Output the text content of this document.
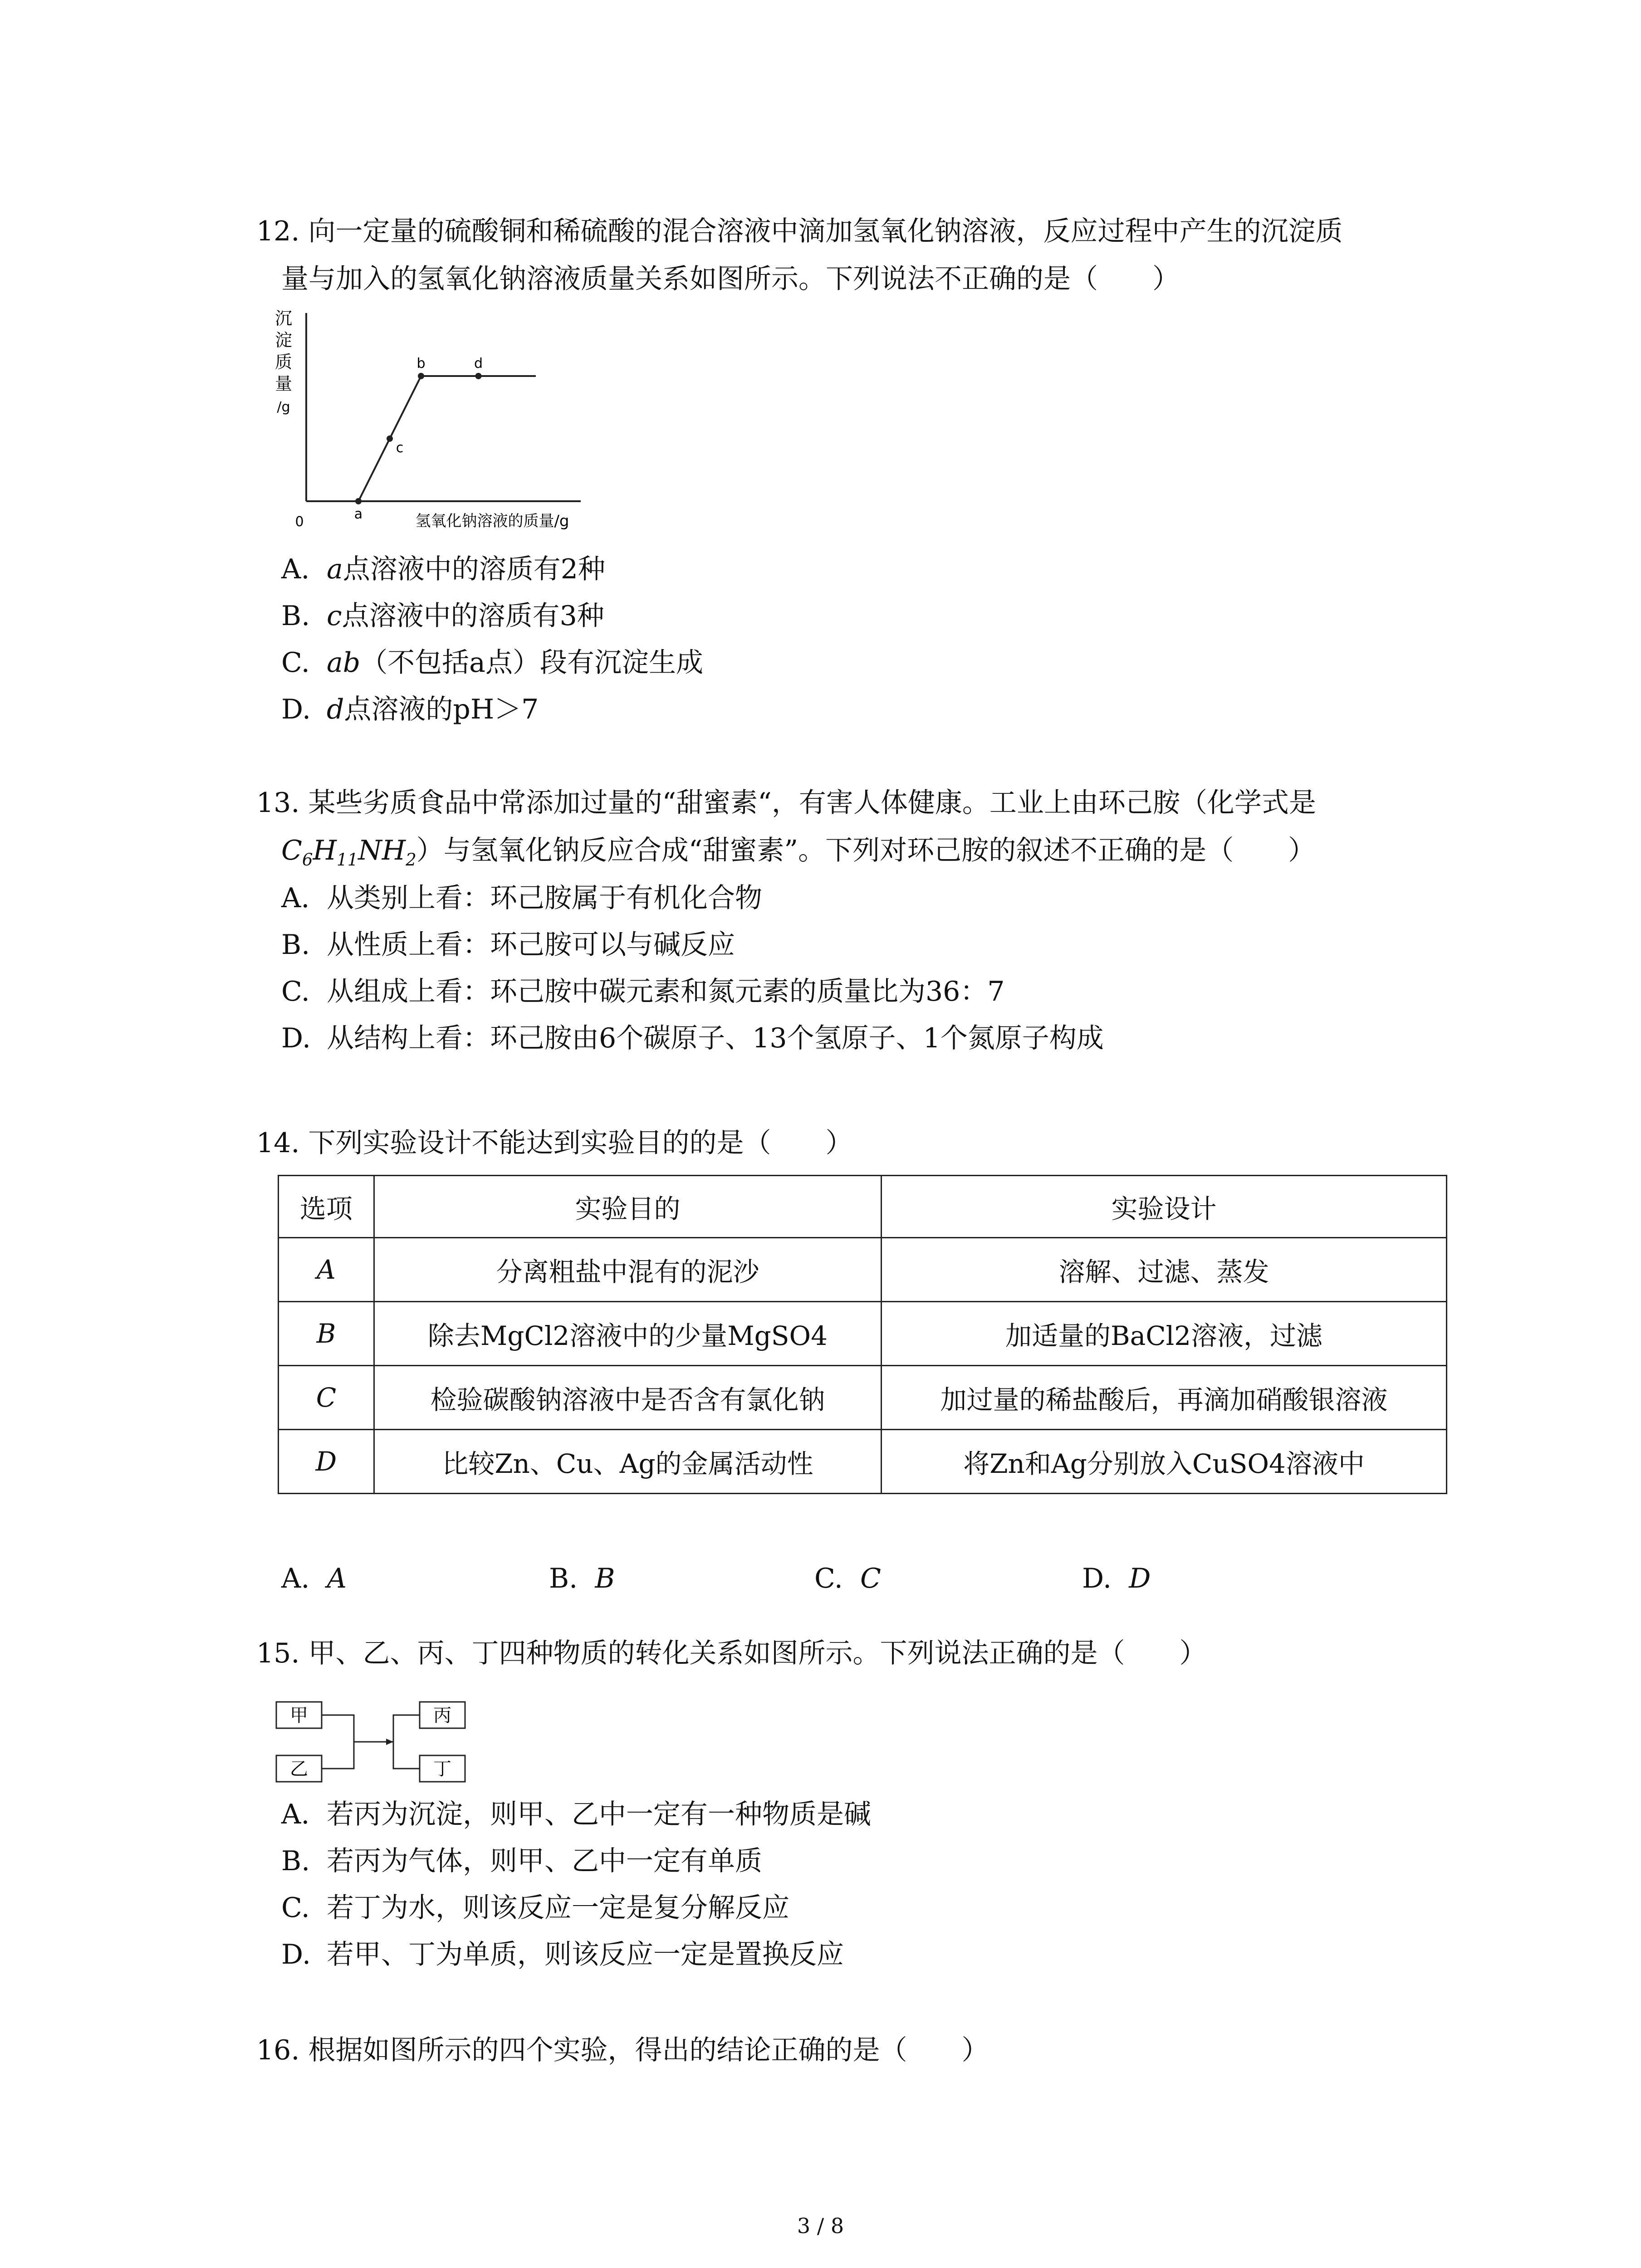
12. 向一定量的硫酸铜和稀硫酸的混合溶液中滴加氢氧化钠溶液，反应过程中产生的沉淀质
量与加入的氢氧化钠溶液质量关系如图所示。下列说法不正确的是（　　）
沉
淀
质
量
/g
0	氢氧化钠溶液的质量/g
a
c
b	d
A. a点溶液中的溶质有2种
B. c点溶液中的溶质有3种
C. ab（不包括a点）段有沉淀生成
D. d点溶液的pH＞7
13. 某些劣质食品中常添加过量的“甜蜜素“，有害人体健康。工业上由环己胺（化学式是
$C_6H_{11}NH_2$）与氢氧化钠反应合成“甜蜜素”。下列对环己胺的叙述不正确的是（　　）
A. 从类别上看：环己胺属于有机化合物
B. 从性质上看：环己胺可以与碱反应
C. 从组成上看：环己胺中碳元素和氮元素的质量比为36：7
D. 从结构上看：环己胺由6个碳原子、13个氢原子、1个氮原子构成
14. 下列实验设计不能达到实验目的的是（　　）
选项	实验目的	实验设计
A	分离粗盐中混有的泥沙	溶解、过滤、蒸发
B	除去MgCl2溶液中的少量MgSO4	加适量的BaCl2溶液，过滤
C	检验碳酸钠溶液中是否含有氯化钠	加过量的稀盐酸后，再滴加硝酸银溶液
D	比较Zn、Cu、Ag的金属活动性	将Zn和Ag分别放入CuSO4溶液中
A. A	B. B	C. C	D. D
15. 甲、乙、丙、丁四种物质的转化关系如图所示。下列说法正确的是（　　）
甲
乙
丙
丁
A. 若丙为沉淀，则甲、乙中一定有一种物质是碱
B. 若丙为气体，则甲、乙中一定有单质
C. 若丁为水，则该反应一定是复分解反应
D. 若甲、丁为单质，则该反应一定是置换反应
16. 根据如图所示的四个实验，得出的结论正确的是（　　）
3 / 8
